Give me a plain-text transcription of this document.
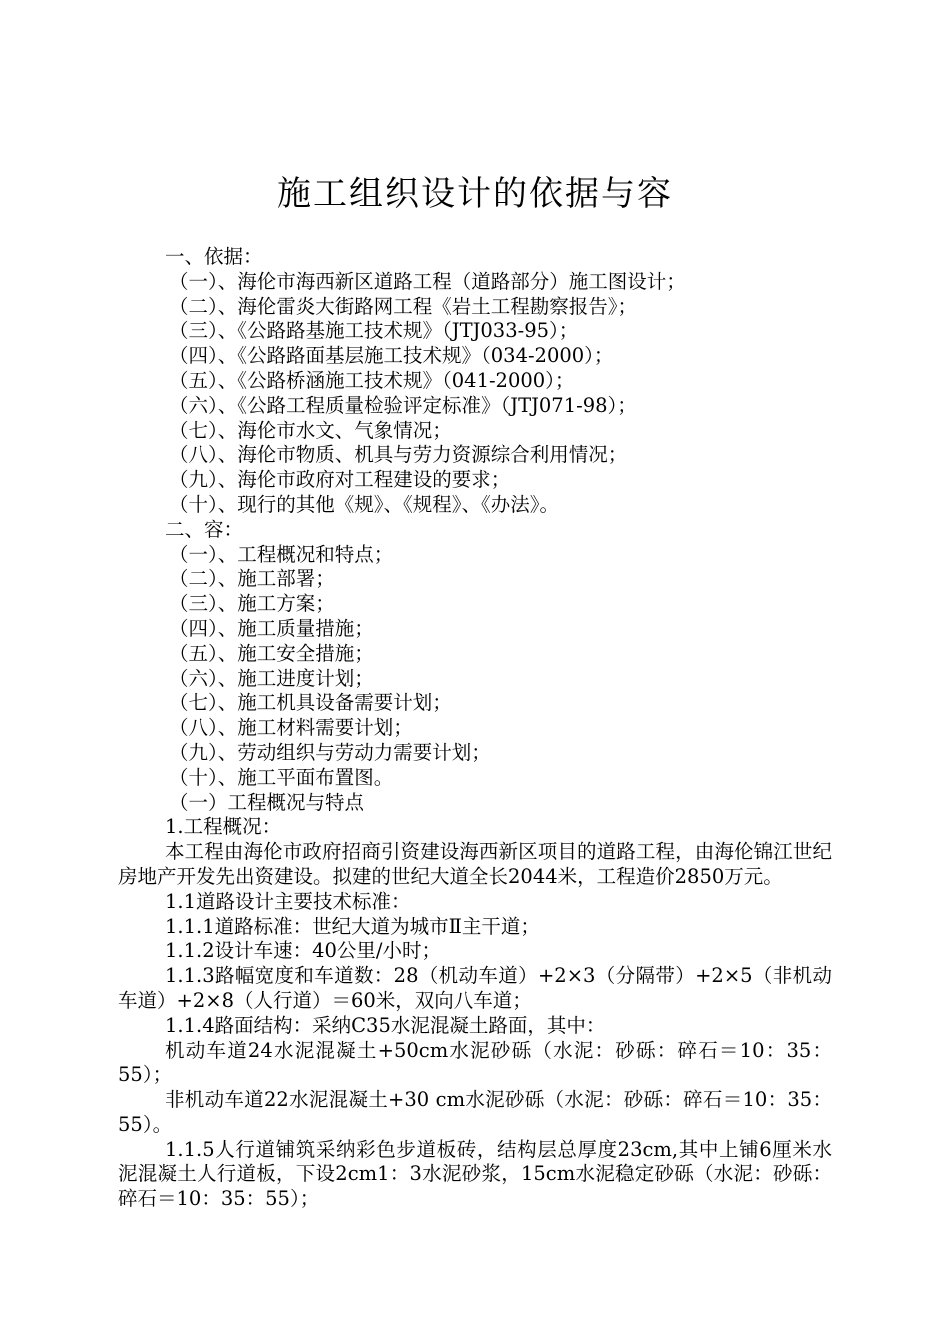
施工组织设计的依据与容
一、依据：
（一）、海伦市海西新区道路工程（道路部分）施工图设计；
（二）、海伦雷炎大街路网工程《岩土工程勘察报告》；
（三）、《公路路基施工技术规》（JTJ033-95）；
（四）、《公路路面基层施工技术规》（034-2000）；
（五）、《公路桥涵施工技术规》（041-2000）；
（六）、《公路工程质量检验评定标准》（JTJ071-98）；
（七）、海伦市水文、气象情况；
（八）、海伦市物质、机具与劳力资源综合利用情况；
（九）、海伦市政府对工程建设的要求；
（十）、现行的其他《规》、《规程》、《办法》。
二、容：
（一）、工程概况和特点；
（二）、施工部署；
（三）、施工方案；
（四）、施工质量措施；
（五）、施工安全措施；
（六）、施工进度计划；
（七）、施工机具设备需要计划；
（八）、施工材料需要计划；
（九）、劳动组织与劳动力需要计划；
（十）、施工平面布置图。
（一）工程概况与特点
1.工程概况：
本工程由海伦市政府招商引资建设海西新区项目的道路工程，由海伦锦江世纪房地产开发先出资建设。拟建的世纪大道全长2044米，工程造价2850万元。
1.1道路设计主要技术标准：
1.1.1道路标准：世纪大道为城市Ⅱ主干道；
1.1.2设计车速：40公里/小时；
1.1.3路幅宽度和车道数：28（机动车道）+2×3（分隔带）+2×5（非机动车道）+2×8（人行道）＝60米，双向八车道；
1.1.4路面结构：采纳C35水泥混凝土路面，其中：
机动车道24水泥混凝土+50cm水泥砂砾（水泥：砂砾：碎石＝10：35：55）；
非机动车道22水泥混凝土+30 cm水泥砂砾（水泥：砂砾：碎石＝10：35：55）。
1.1.5人行道铺筑采纳彩色步道板砖，结构层总厚度23cm,其中上铺6厘米水泥混凝土人行道板，下设2cm1：3水泥砂浆，15cm水泥稳定砂砾（水泥：砂砾：碎石＝10：35：55）；
